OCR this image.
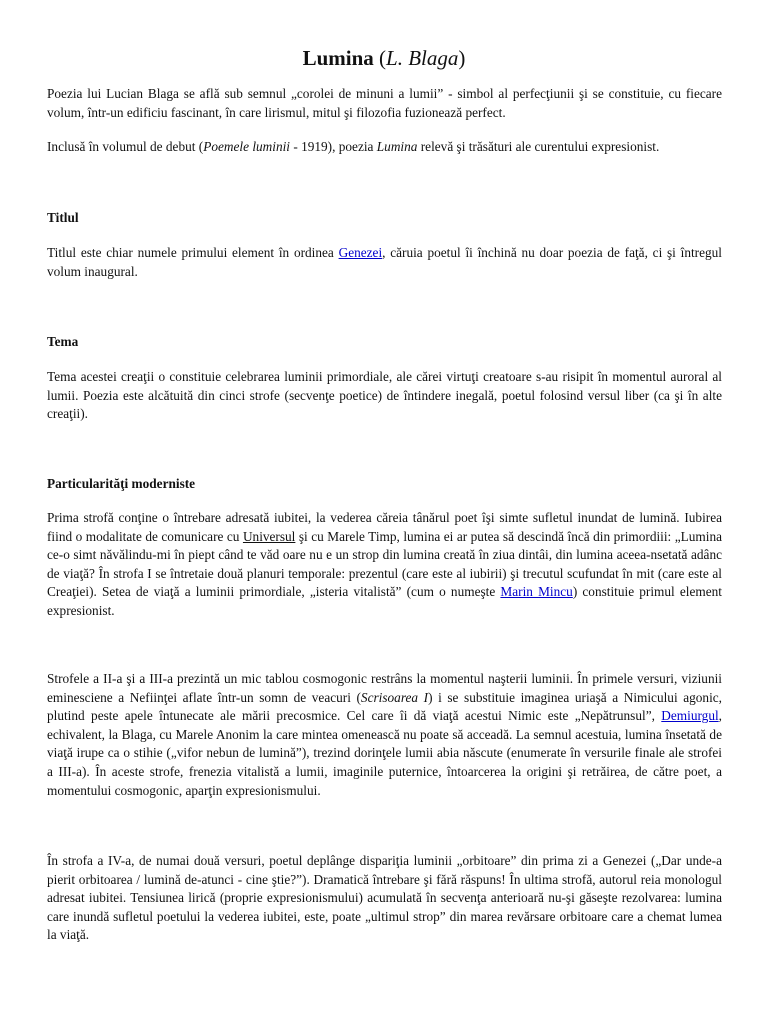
Lumina (L. Blaga)

Poezia lui Lucian Blaga se află sub semnul „corolei de minuni a lumii” - simbol al perfecţiunii şi se constituie, cu fiecare volum, într-un edificiu fascinant, în care lirismul, mitul şi filozofia fuzionează perfect.

Inclusă în volumul de debut (Poemele luminii - 1919), poezia Lumina relevă şi trăsături ale curentului expresionist.

Titlul

Titlul este chiar numele primului element în ordinea Genezei, căruia poetul îi închină nu doar poezia de faţă, ci şi întregul volum inaugural.

Tema

Tema acestei creaţii o constituie celebrarea luminii primordiale, ale cărei virtuţi creatoare s-au risipit în momentul auroral al lumii. Poezia este alcătuită din cinci strofe (secvenţe poetice) de întindere inegală, poetul folosind versul liber (ca şi în alte creaţii).

Particularităţi moderniste

Prima strofă conţine o întrebare adresată iubitei, la vederea căreia tânărul poet îşi simte sufletul inundat de lumină. Iubirea fiind o modalitate de comunicare cu Universul şi cu Marele Timp, lumina ei ar putea să descindă încă din primordiii: „Lumina ce-o simt năvălindu-mi în piept când te văd oare nu e un strop din lumina creată în ziua dintâi, din lumina aceea-nsetată adânc de viaţă? În strofa I se întretaie două planuri temporale: prezentul (care este al iubirii) şi trecutul scufundat în mit (care este al Creaţiei). Setea de viaţă a luminii primordiale, „isteria vitalistă” (cum o numeşte Marin Mincu) constituie primul element expresionist.

Strofele a II-a şi a III-a prezintă un mic tablou cosmogonic restrâns la momentul naşterii luminii. În primele versuri, viziunii eminesciene a Nefiinţei aflate într-un somn de veacuri (Scrisoarea I) i se substituie imaginea uriaşă a Nimicului agonic, plutind peste apele întunecate ale mării precosmice. Cel care îi dă viaţă acestui Nimic este „Nepătrunsul”, Demiurgul, echivalent, la Blaga, cu Marele Anonim la care mintea omenească nu poate să acceadă. La semnul acestuia, lumina însetată de viaţă irupe ca o stihie („vifor nebun de lumină”), trezind dorinţele lumii abia născute (enumerate în versurile finale ale strofei a III-a). În aceste strofe, frenezia vitalistă a lumii, imaginile puternice, întoarcerea la origini şi retrăirea, de către poet, a momentului cosmogonic, aparţin expresionismului.

În strofa a IV-a, de numai două versuri, poetul deplânge dispariţia luminii „orbitoare” din prima zi a Genezei („Dar unde-a pierit orbitoarea / lumină de-atunci - cine ştie?”). Dramatică întrebare şi fără răspuns! În ultima strofă, autorul reia monologul adresat iubitei. Tensiunea lirică (proprie expresionismului) acumulată în secvenţa anterioară nu-şi găseşte rezolvarea: lumina care inundă sufletul poetului la vederea iubitei, este, poate „ultimul strop” din marea revărsare orbitoare care a chemat lumea la viaţă.
